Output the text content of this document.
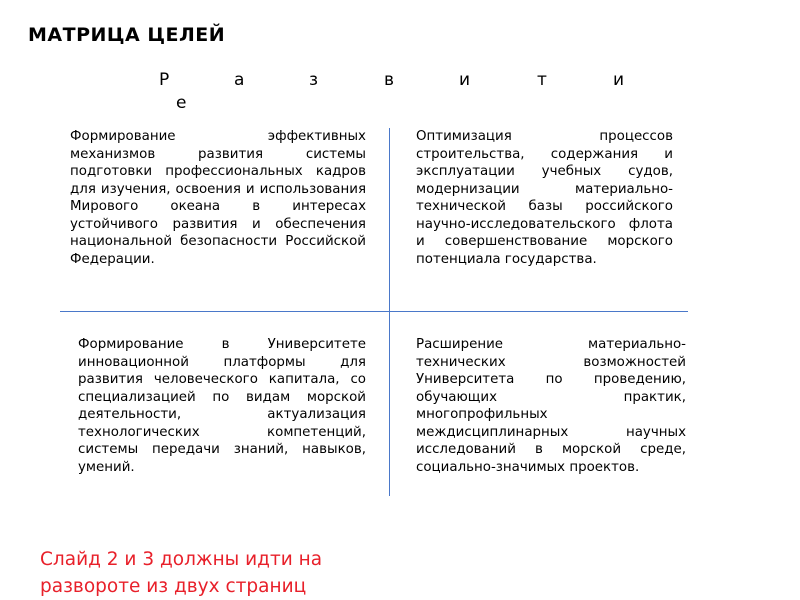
МАТРИЦА ЦЕЛЕЙ
Р	а	з	в	и	т	и
е
Формирование эффективных механизмов развития системы подготовки профессиональных кадров для изучения, освоения и использования Мирового океана в интересах устойчивого развития и обеспечения национальной безопасности Российской Федерации.
Оптимизация процессов строительства, содержания и эксплуатации учебных судов, модернизации материально-технической базы российского научно-исследовательского флота и совершенствование морского потенциала государства.
Формирование в Университете инновационной платформы для развития человеческого капитала, со специализацией по видам морской деятельности, актуализация технологических компетенций, системы передачи знаний, навыков, умений.
Расширение материально-технических возможностей Университета по проведению, обучающих практик, многопрофильных междисциплинарных научных исследований в морской среде, социально-значимых проектов.
Слайд 2 и 3 должны идти на развороте из двух страниц
